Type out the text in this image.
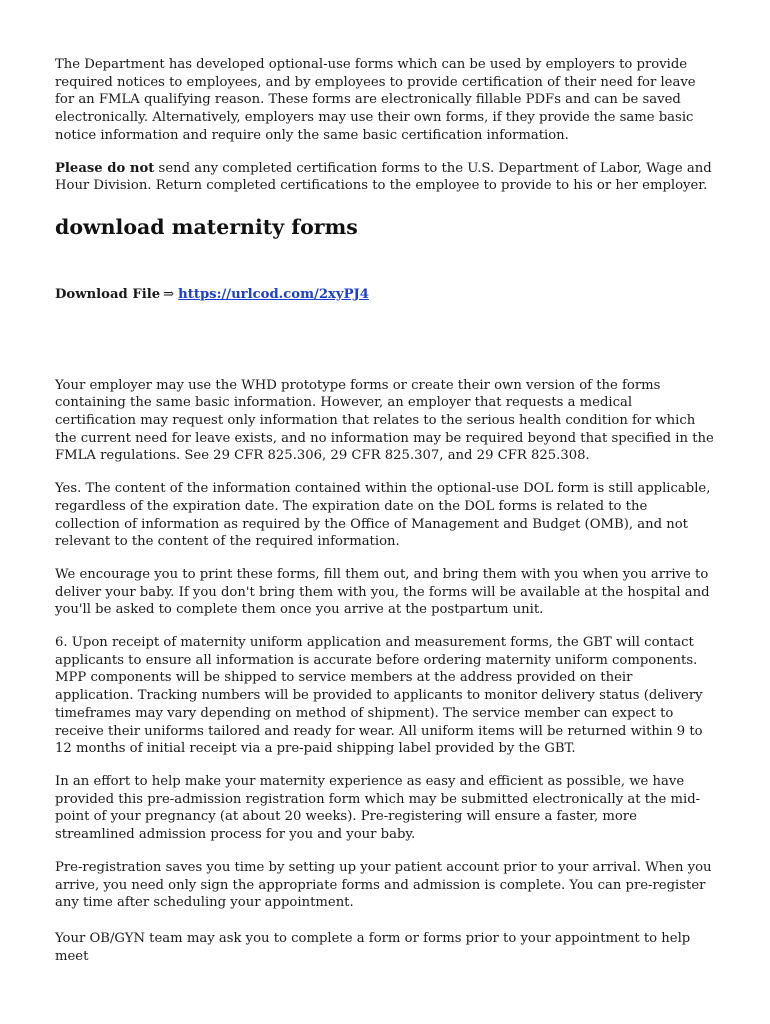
The Department has developed optional-use forms which can be used by employers to provide required notices to employees, and by employees to provide certification of their need for leave for an FMLA qualifying reason. These forms are electronically fillable PDFs and can be saved electronically. Alternatively, employers may use their own forms, if they provide the same basic notice information and require only the same basic certification information.

Please do not send any completed certification forms to the U.S. Department of Labor, Wage and Hour Division. Return completed certifications to the employee to provide to his or her employer.

download maternity forms

Download File ⇒ https://urlcod.com/2xyPJ4

Your employer may use the WHD prototype forms or create their own version of the forms containing the same basic information. However, an employer that requests a medical certification may request only information that relates to the serious health condition for which the current need for leave exists, and no information may be required beyond that specified in the FMLA regulations. See 29 CFR 825.306, 29 CFR 825.307, and 29 CFR 825.308.

Yes. The content of the information contained within the optional-use DOL form is still applicable, regardless of the expiration date. The expiration date on the DOL forms is related to the collection of information as required by the Office of Management and Budget (OMB), and not relevant to the content of the required information.

We encourage you to print these forms, fill them out, and bring them with you when you arrive to deliver your baby. If you don't bring them with you, the forms will be available at the hospital and you'll be asked to complete them once you arrive at the postpartum unit.

6. Upon receipt of maternity uniform application and measurement forms, the GBT will contact applicants to ensure all information is accurate before ordering maternity uniform components. MPP components will be shipped to service members at the address provided on their application. Tracking numbers will be provided to applicants to monitor delivery status (delivery timeframes may vary depending on method of shipment). The service member can expect to receive their uniforms tailored and ready for wear. All uniform items will be returned within 9 to 12 months of initial receipt via a pre-paid shipping label provided by the GBT.

In an effort to help make your maternity experience as easy and efficient as possible, we have provided this pre-admission registration form which may be submitted electronically at the mid-point of your pregnancy (at about 20 weeks). Pre-registering will ensure a faster, more streamlined admission process for you and your baby.

Pre-registration saves you time by setting up your patient account prior to your arrival. When you arrive, you need only sign the appropriate forms and admission is complete. You can pre-register any time after scheduling your appointment.

Your OB/GYN team may ask you to complete a form or forms prior to your appointment to help meet
